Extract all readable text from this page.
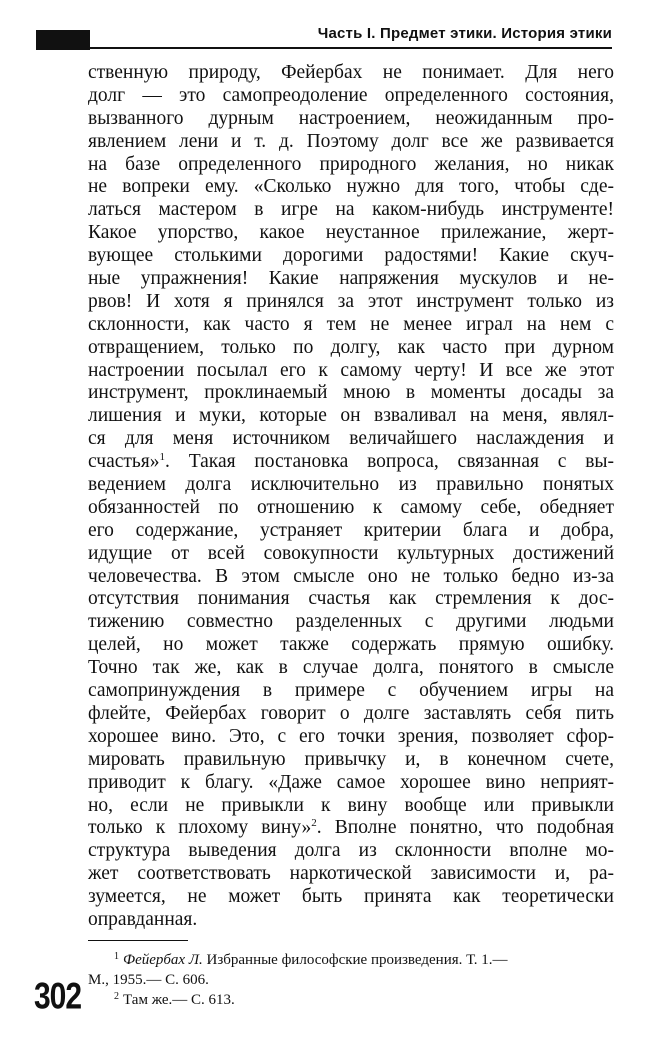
Часть I. Предмет этики. История этики
ственную природу, Фейербах не понимает. Для него
долг — это самопреодоление определенного состояния,
вызванного дурным настроением, неожиданным про-
явлением лени и т. д. Поэтому долг все же развивается
на базе определенного природного желания, но никак
не вопреки ему. «Сколько нужно для того, чтобы сде-
латься мастером в игре на каком-нибудь инструменте!
Какое упорство, какое неустанное прилежание, жерт-
вующее столькими дорогими радостями! Какие скуч-
ные упражнения! Какие напряжения мускулов и не-
рвов! И хотя я принялся за этот инструмент только из
склонности, как часто я тем не менее играл на нем с
отвращением, только по долгу, как часто при дурном
настроении посылал его к самому черту! И все же этот
инструмент, проклинаемый мною в моменты досады за
лишения и муки, которые он взваливал на меня, являл-
ся для меня источником величайшего наслаждения и
счастья»$^1$. Такая постановка вопроса, связанная с вы-
ведением долга исключительно из правильно понятых
обязанностей по отношению к самому себе, обедняет
его содержание, устраняет критерии блага и добра,
идущие от всей совокупности культурных достижений
человечества. В этом смысле оно не только бедно из-за
отсутствия понимания счастья как стремления к дос-
тижению совместно разделенных с другими людьми
целей, но может также содержать прямую ошибку.
Точно так же, как в случае долга, понятого в смысле
самопринуждения в примере с обучением игры на
флейте, Фейербах говорит о долге заставлять себя пить
хорошее вино. Это, с его точки зрения, позволяет сфор-
мировать правильную привычку и, в конечном счете,
приводит к благу. «Даже самое хорошее вино неприят-
но, если не привыкли к вину вообще или привыкли
только к плохому вину»$^2$. Вполне понятно, что подобная
структура выведения долга из склонности вполне мо-
жет соответствовать наркотической зависимости и, ра-
зумеется, не может быть принята как теоретически
оправданная.
$^1$ Фейербах Л. Избранные философские произведения. Т. 1.—
М., 1955.— С. 606.
$^2$ Там же.— С. 613.
302
